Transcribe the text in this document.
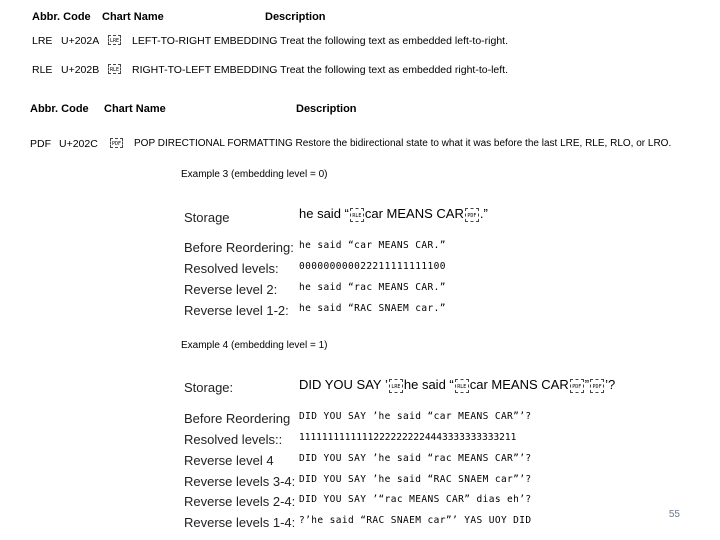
Abbr. Code Chart Name	Description
LRE U+202A	LRE LEFT-TO-RIGHT EMBEDDING Treat the following text as embedded left-to-right.
RLE U+202B	RLE RIGHT-TO-LEFT EMBEDDING Treat the following text as embedded right-to-left.
Abbr. Code Chart Name	Description
PDF U+202C	PDF POP DIRECTIONAL FORMATTING Restore the bidirectional state to what it was before the last LRE, RLE, RLO, or LRO.
Example 3 (embedding level = 0)
Storage	he said “ RLE car MEANS CAR PDF .”
Before Reordering: he said “car MEANS CAR.”
Resolved levels: 000000000022211111111100
Reverse level 2: he said “rac MEANS CAR.”
Reverse level 1-2: he said “RAC SNAEM car.”
Example 4 (embedding level = 1)
Storage:	DID YOU SAY ’ LRE he said “ RLE car MEANS CAR PDF ” PDF ’?
Before Reordering DID YOU SAY ’he said “car MEANS CAR”’?
Resolved levels:: 11111111111112222222224443333333333211
Reverse level 4	DID YOU SAY ’he said “rac MEANS CAR”’?
Reverse levels 3-4: DID YOU SAY ’he said “RAC SNAEM car”’?
Reverse levels 2-4: DID YOU SAY ’“rac MEANS CAR” dias eh’?
Reverse levels 1-4: ?’he said “RAC SNAEM car”’ YAS UOY DID
55
